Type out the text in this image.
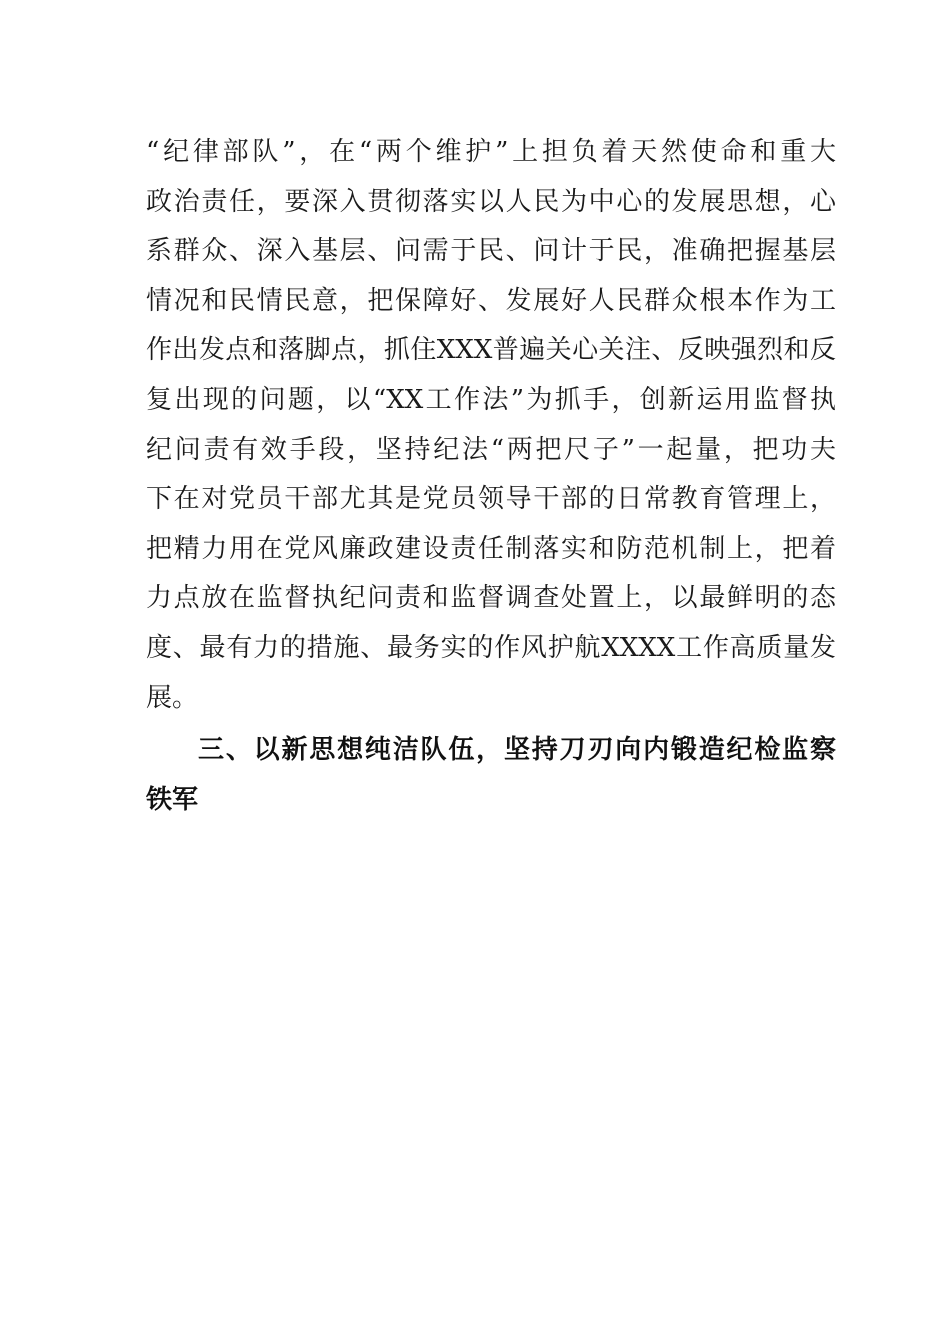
“纪律部队”，在“两个维护”上担负着天然使命和重大
政治责任，要深入贯彻落实以人民为中心的发展思想，心
系群众、深入基层、问需于民、问计于民，准确把握基层
情况和民情民意，把保障好、发展好人民群众根本作为工
作出发点和落脚点，抓住XXX普遍关心关注、反映强烈和反
复出现的问题，以“XX工作法”为抓手，创新运用监督执
纪问责有效手段，坚持纪法“两把尺子”一起量，把功夫
下在对党员干部尤其是党员领导干部的日常教育管理上，
把精力用在党风廉政建设责任制落实和防范机制上，把着
力点放在监督执纪问责和监督调查处置上，以最鲜明的态
度、最有力的措施、最务实的作风护航XXXX工作高质量发
展。
三、以新思想纯洁队伍，坚持刀刃向内锻造纪检监察
铁军
